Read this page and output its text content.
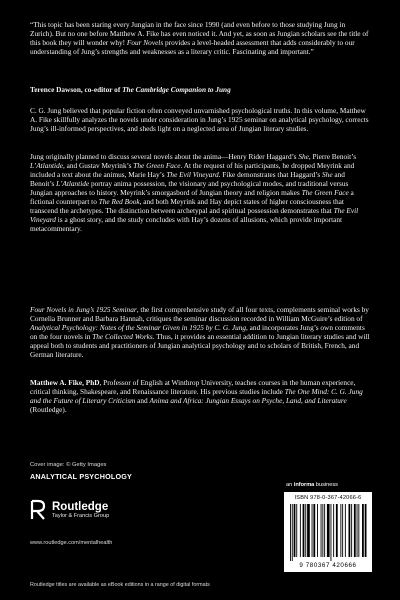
“This topic has been staring every Jungian in the face since 1990 (and even before to those studying Jung in Zurich). But no one before Matthew A. Fike has even noticed it. And yet, as soon as Jungian scholars see the title of this book they will wonder why! Four Novels provides a level-headed assessment that adds considerably to our understanding of Jung’s strengths and weaknesses as a literary critic. Fascinating and important.”

Terence Dawson, co-editor of The Cambridge Companion to Jung

C. G. Jung believed that popular fiction often conveyed unvarnished psychological truths. In this volume, Matthew A. Fike skillfully analyzes the novels under consideration in Jung’s 1925 seminar on analytical psychology, corrects Jung’s ill-informed perspectives, and sheds light on a neglected area of Jungian literary studies.

Jung originally planned to discuss several novels about the anima—Henry Rider Haggard’s She, Pierre Benoit’s L’Atlantide, and Gustav Meyrink’s The Green Face. At the request of his participants, he dropped Meyrink and included a text about the animus, Marie Hay’s The Evil Vineyard. Fike demonstrates that Haggard’s She and Benoit’s L’Atlantide portray anima possession, the visionary and psychological modes, and traditional versus Jungian approaches to history. Meyrink’s smorgasbord of Jungian theory and religion makes The Green Face a fictional counterpart to The Red Book, and both Meyrink and Hay depict states of higher consciousness that transcend the archetypes. The distinction between archetypal and spiritual possession demonstrates that The Evil Vineyard is a ghost story, and the study concludes with Hay’s dozens of allusions, which provide important metacommentary.

Four Novels in Jung’s 1925 Seminar, the first comprehensive study of all four texts, complements seminal works by Cornelia Brunner and Barbara Hannah, critiques the seminar discussion recorded in William McGuire’s edition of Analytical Psychology: Notes of the Seminar Given in 1925 by C. G. Jung, and incorporates Jung’s own comments on the four novels in The Collected Works. Thus, it provides an essential addition to Jungian literary studies and will appeal both to students and practitioners of Jungian analytical psychology and to scholars of British, French, and German literature.

Matthew A. Fike, PhD, Professor of English at Winthrop University, teaches courses in the human experience, critical thinking, Shakespeare, and Renaissance literature. His previous studies include The One Mind: C. G. Jung and the Future of Literary Criticism and Anima and Africa: Jungian Essays on Psyche, Land, and Literature (Routledge).

Cover image: © Getty Images
ANALYTICAL PSYCHOLOGY
Routledge
Taylor & Francis Group
www.routledge.com/mentalhealth
an informa business
ISBN 978-0-367-42066-6
9 780367 420666
Routledge titles are available as eBook editions in a range of digital formats
